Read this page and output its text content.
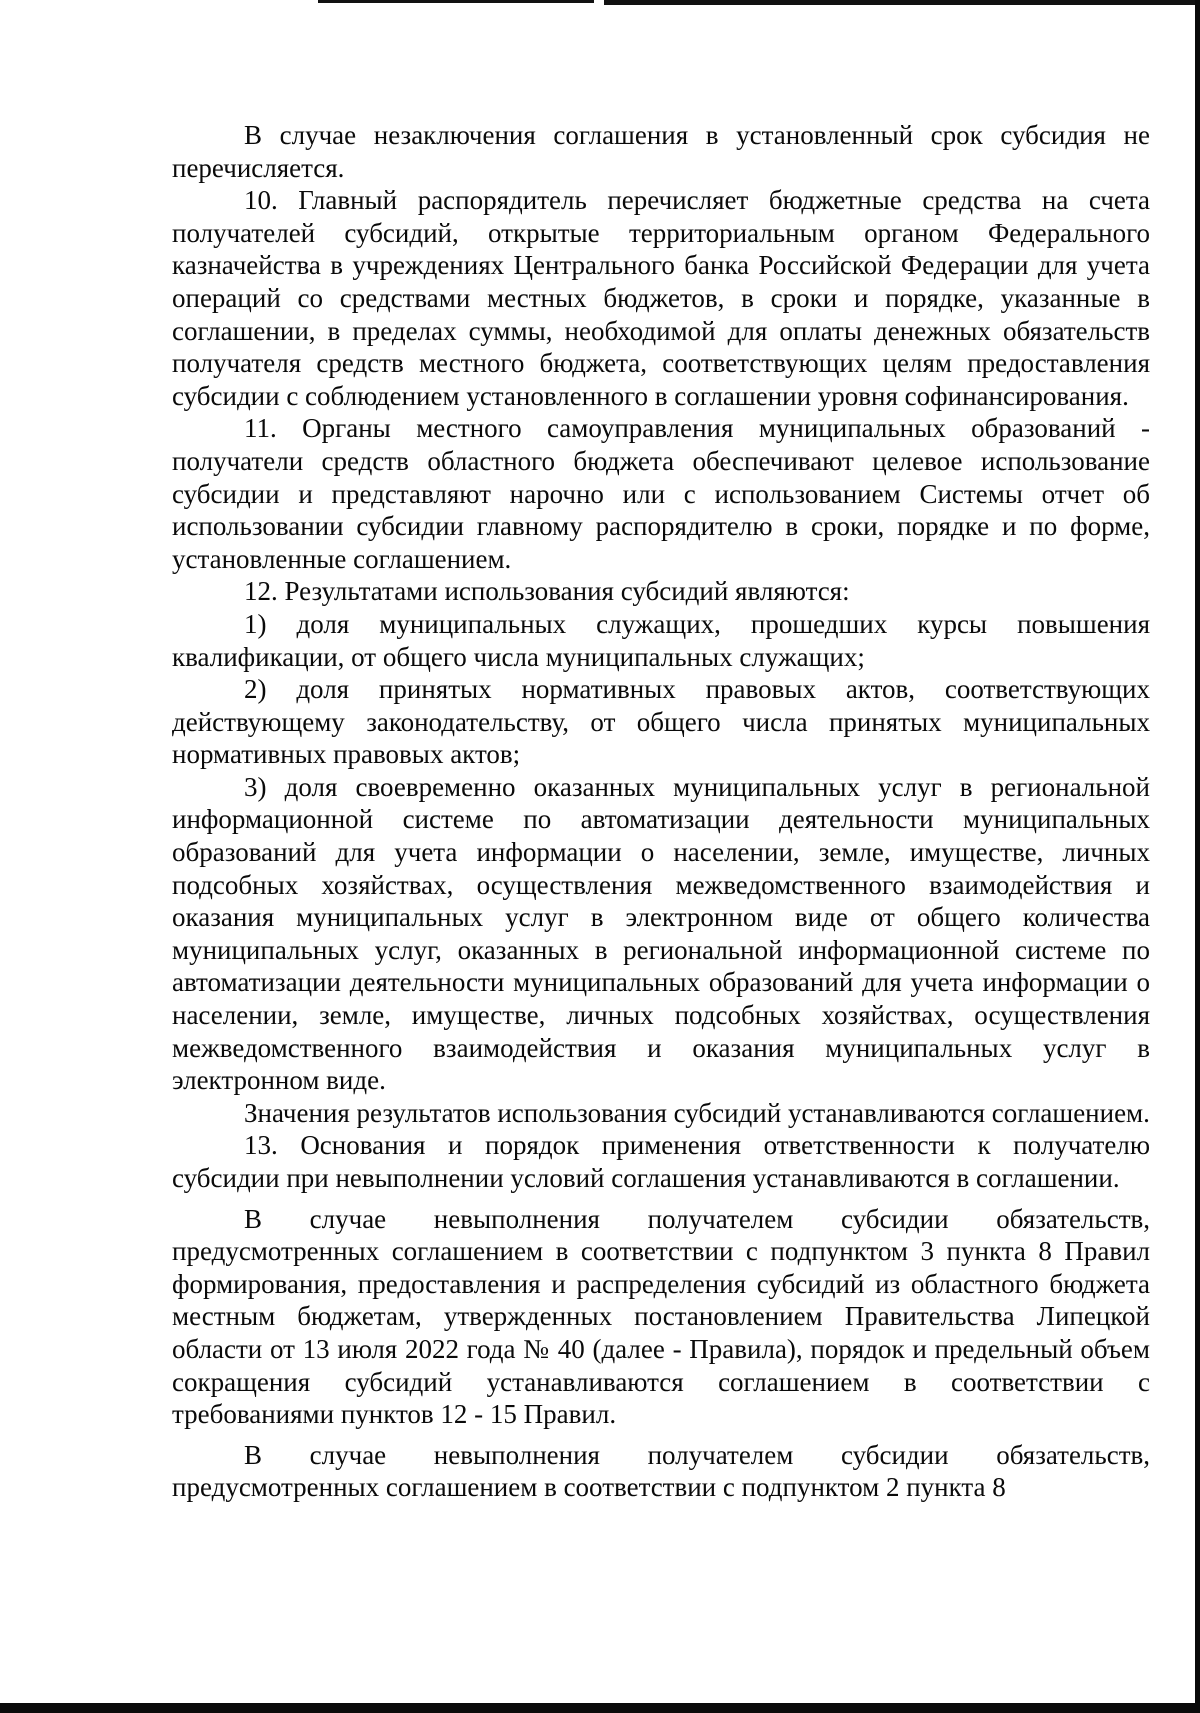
В случае незаключения соглашения в установленный срок субсидия не перечисляется.

10. Главный распорядитель перечисляет бюджетные средства на счета получателей субсидий, открытые территориальным органом Федерального казначейства в учреждениях Центрального банка Российской Федерации для учета операций со средствами местных бюджетов, в сроки и порядке, указанные в соглашении, в пределах суммы, необходимой для оплаты денежных обязательств получателя средств местного бюджета, соответствующих целям предоставления субсидии с соблюдением установленного в соглашении уровня софинансирования.

11. Органы местного самоуправления муниципальных образований - получатели средств областного бюджета обеспечивают целевое использование субсидии и представляют нарочно или с использованием Системы отчет об использовании субсидии главному распорядителю в сроки, порядке и по форме, установленные соглашением.

12. Результатами использования субсидий являются:

1) доля муниципальных служащих, прошедших курсы повышения квалификации, от общего числа муниципальных служащих;

2) доля принятых нормативных правовых актов, соответствующих действующему законодательству, от общего числа принятых муниципальных нормативных правовых актов;

3) доля своевременно оказанных муниципальных услуг в региональной информационной системе по автоматизации деятельности муниципальных образований для учета информации о населении, земле, имуществе, личных подсобных хозяйствах, осуществления межведомственного взаимодействия и оказания муниципальных услуг в электронном виде от общего количества муниципальных услуг, оказанных в региональной информационной системе по автоматизации деятельности муниципальных образований для учета информации о населении, земле, имуществе, личных подсобных хозяйствах, осуществления межведомственного взаимодействия и оказания муниципальных услуг в электронном виде.

Значения результатов использования субсидий устанавливаются соглашением.

13. Основания и порядок применения ответственности к получателю субсидии при невыполнении условий соглашения устанавливаются в соглашении.

В случае невыполнения получателем субсидии обязательств, предусмотренных соглашением в соответствии с подпунктом 3 пункта 8 Правил формирования, предоставления и распределения субсидий из областного бюджета местным бюджетам, утвержденных постановлением Правительства Липецкой области от 13 июля 2022 года № 40 (далее - Правила), порядок и предельный объем сокращения субсидий устанавливаются соглашением в соответствии с требованиями пунктов 12 - 15 Правил.

В случае невыполнения получателем субсидии обязательств, предусмотренных соглашением в соответствии с подпунктом 2 пункта 8
